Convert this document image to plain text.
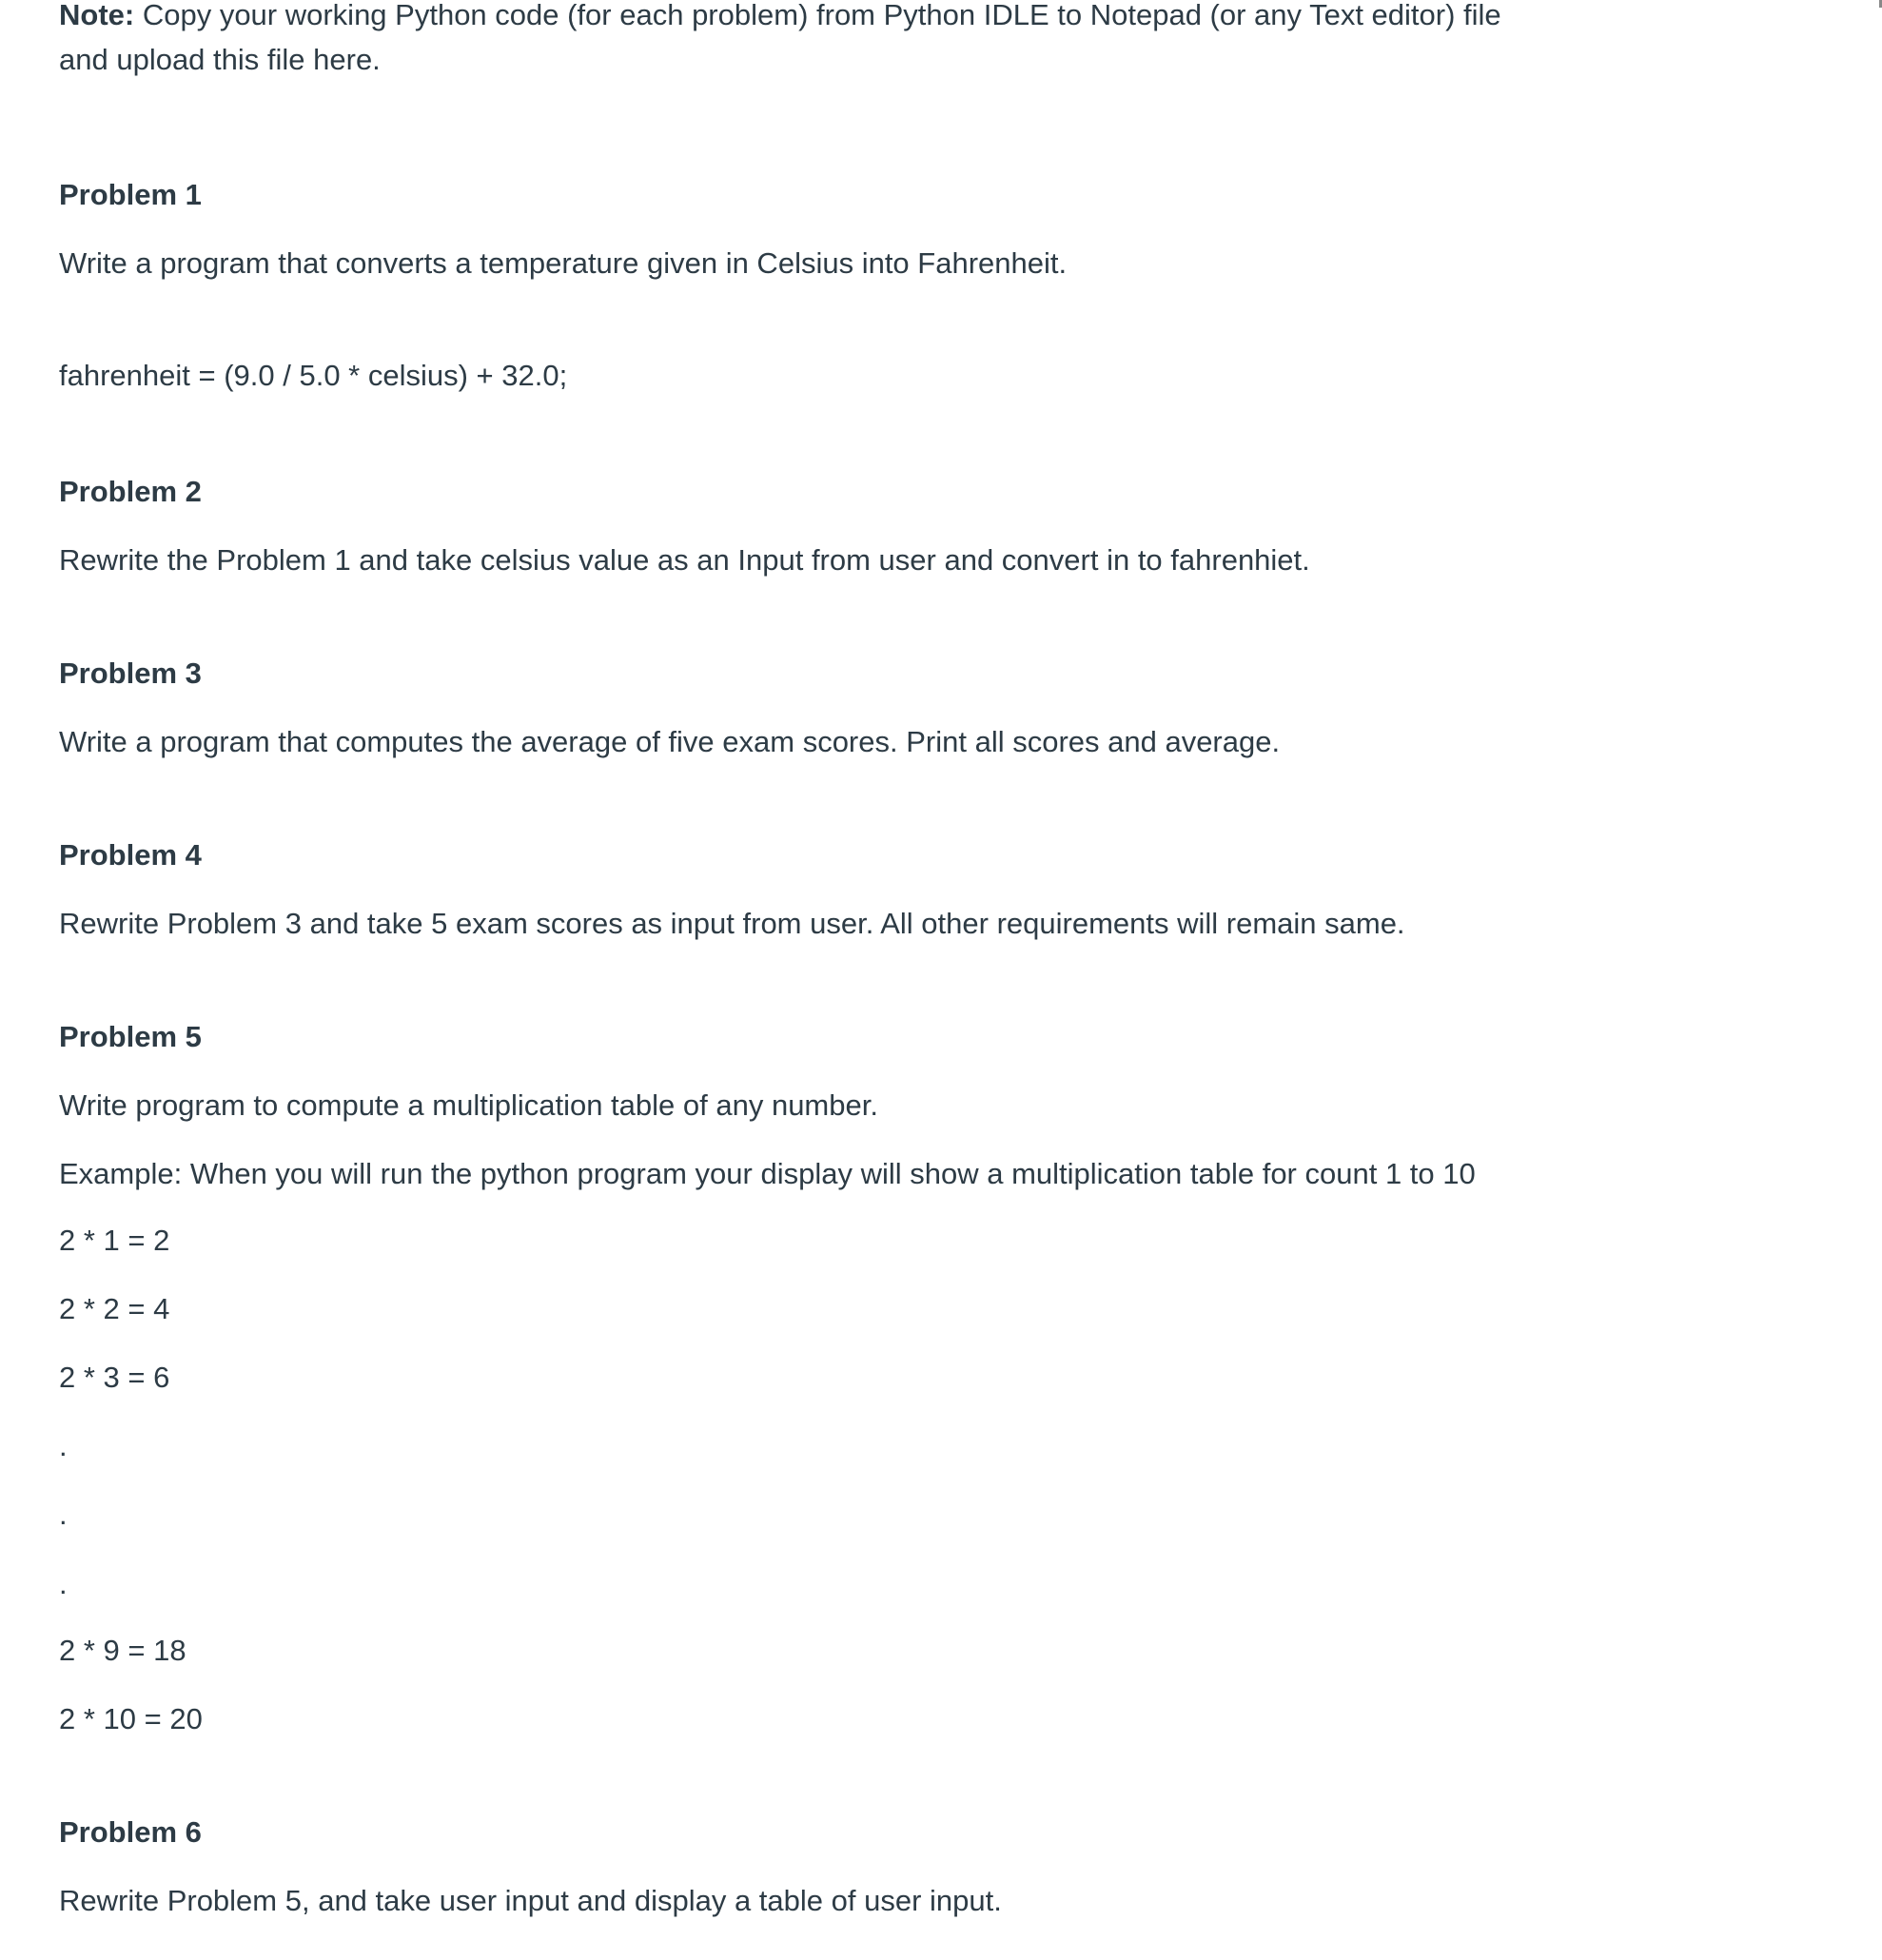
Note: Copy your working Python code (for each problem) from Python IDLE to Notepad (or any Text editor) file
and upload this file here.
Problem 1
Write a program that converts a temperature given in Celsius into Fahrenheit.
fahrenheit = (9.0 / 5.0 * celsius) + 32.0;
Problem 2
Rewrite the Problem 1 and take celsius value as an Input from user and convert in to fahrenhiet.
Problem 3
Write a program that computes the average of five exam scores. Print all scores and average.
Problem 4
Rewrite Problem 3 and take 5 exam scores as input from user. All other requirements will remain same.
Problem 5
Write program to compute a multiplication table of any number.
Example: When you will run the python program your display will show a multiplication table for count 1 to 10
2 * 1 = 2
2 * 2 = 4
2 * 3 = 6
.
.
.
2 * 9 = 18
2 * 10 = 20
Problem 6
Rewrite Problem 5, and take user input and display a table of user input.
